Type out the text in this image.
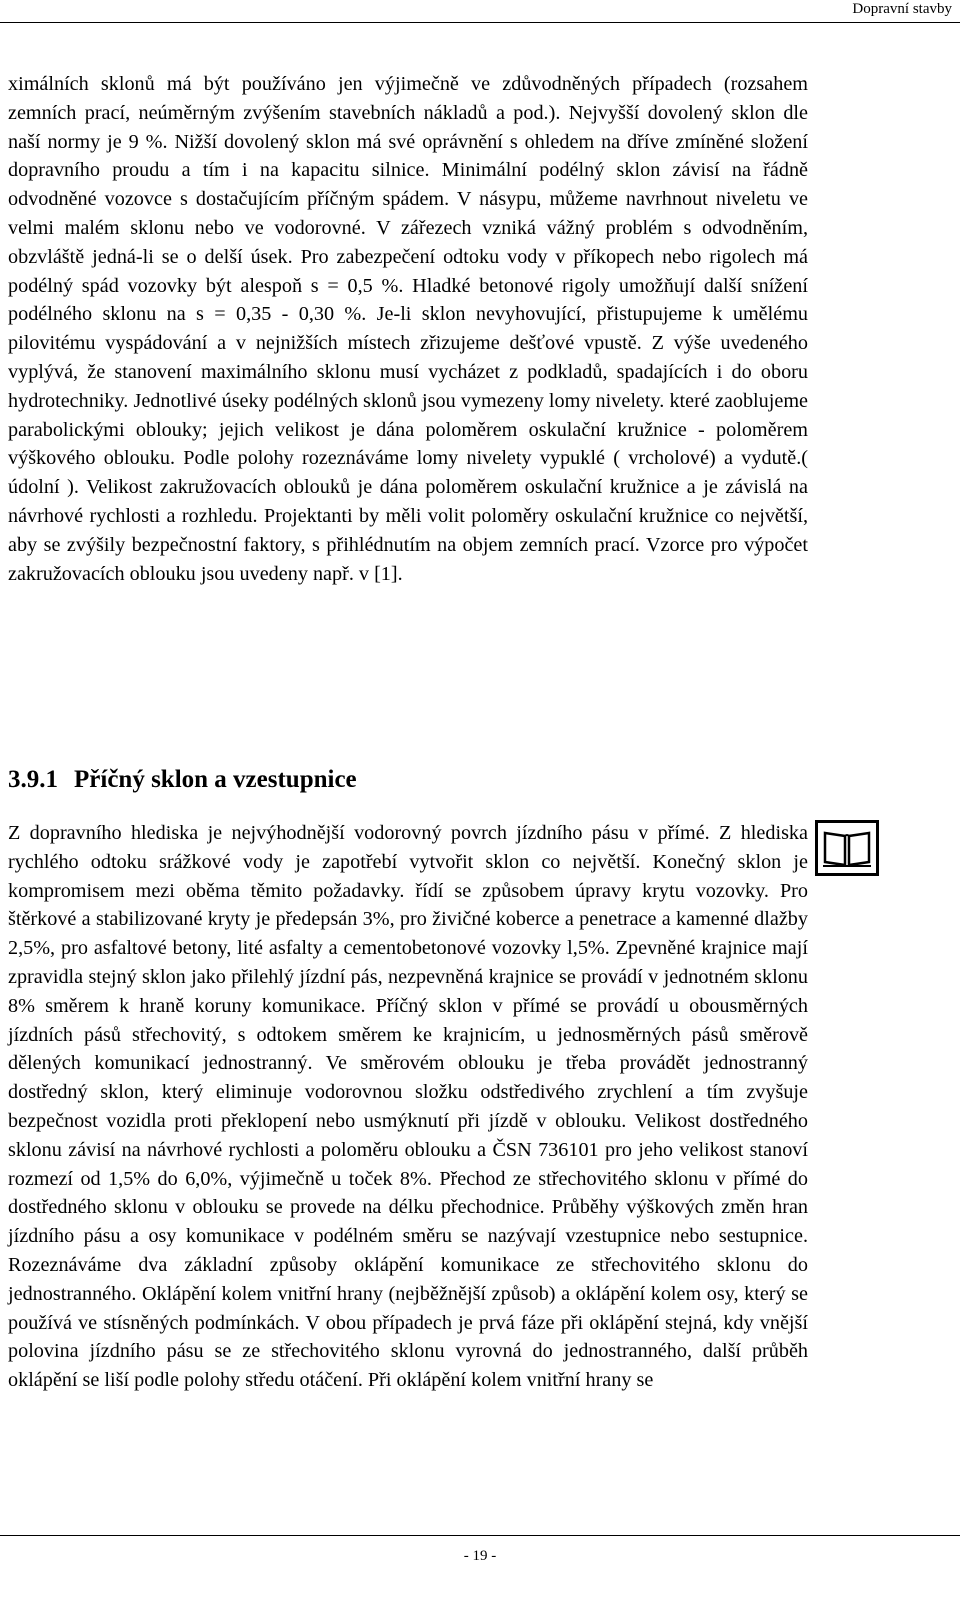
Dopravní stavby

ximálních sklonů má být používáno jen výjimečně ve zdůvodněných případech (rozsahem zemních prací, neúměrným zvýšením stavebních nákladů a pod.). Nejvyšší dovolený sklon dle naší normy je 9 %. Nižší dovolený sklon má své oprávnění s ohledem na dříve zmíněné složení dopravního proudu a tím i na kapacitu silnice. Minimální podélný sklon závisí na řádně odvodněné vozovce s dostačujícím příčným spádem. V násypu, můžeme navrhnout niveletu ve velmi malém sklonu nebo ve vodorovné. V zářezech vzniká vážný problém s odvodněním, obzvláště jedná-li se o delší úsek. Pro zabezpečení odtoku vody v příkopech nebo rigolech má podélný spád vozovky být alespoň s = 0,5 %. Hladké betonové rigoly umožňují další snížení podélného sklonu na s = 0,35 - 0,30 %. Je-li sklon nevyhovující, přistupujeme k umělému pilovitému vyspádování a v nejnižších místech zřizujeme dešťové vpustě. Z výše uvedeného vyplývá, že stanovení maximálního sklonu musí vycházet z podkladů, spadajících i do oboru hydrotechniky. Jednotlivé úseky podélných sklonů jsou vymezeny lomy nivelety. které zaoblujeme parabolickými oblouky; jejich velikost je dána poloměrem oskulační kružnice - poloměrem výškového oblouku. Podle polohy rozeznáváme lomy nivelety vypuklé ( vrcholové) a vydutě.( údolní ). Velikost zakružovacích oblouků je dána poloměrem oskulační kružnice a je závislá na návrhové rychlosti a rozhledu. Projektanti by měli volit poloměry oskulační kružnice co největší, aby se zvýšily bezpečnostní faktory, s přihlédnutím na objem zemních prací. Vzorce pro výpočet zakružovacích oblouku jsou uvedeny např. v [1].

3.9.1 Příčný sklon a vzestupnice

Z dopravního hlediska je nejvýhodnější vodorovný povrch jízdního pásu v přímé. Z hlediska rychlého odtoku srážkové vody je zapotřebí vytvořit sklon co největší. Konečný sklon je kompromisem mezi oběma těmito požadavky. řídí se způsobem úpravy krytu vozovky. Pro štěrkové a stabilizované kryty je předepsán 3%, pro živičné koberce a penetrace a kamenné dlažby 2,5%, pro asfaltové betony, lité asfalty a cementobetonové vozovky l,5%. Zpevněné krajnice mají zpravidla stejný sklon jako přilehlý jízdní pás, nezpevněná krajnice se provádí v jednotném sklonu 8% směrem k hraně koruny komunikace. Příčný sklon v přímé se provádí u obousměrných jízdních pásů střechovitý, s odtokem směrem ke krajnicím, u jednosměrných pásů směrově dělených komunikací jednostranný. Ve směrovém oblouku je třeba provádět jednostranný dostředný sklon, který eliminuje vodorovnou složku odstředivého zrychlení a tím zvyšuje bezpečnost vozidla proti překlopení nebo usmýknutí při jízdě v oblouku. Velikost dostředného sklonu závisí na návrhové rychlosti a poloměru oblouku a ČSN 736101 pro jeho velikost stanoví rozmezí od 1,5% do 6,0%, výjimečně u toček 8%. Přechod ze střechovitého sklonu v přímé do dostředného sklonu v oblouku se provede na délku přechodnice. Průběhy výškových změn hran jízdního pásu a osy komunikace v podélném směru se nazývají vzestupnice nebo sestupnice. Rozeznáváme dva základní způsoby oklápění komunikace ze střechovitého sklonu do jednostranného. Oklápění kolem vnitřní hrany (nejběžnější způsob) a oklápění kolem osy, který se používá ve stísněných podmínkách. V obou případech je prvá fáze při oklápění stejná, kdy vnější polovina jízdního pásu se ze střechovitého sklonu vyrovná do jednostranného, další průběh oklápění se liší podle polohy středu otáčení. Při oklápění kolem vnitřní hrany se

- 19 -
